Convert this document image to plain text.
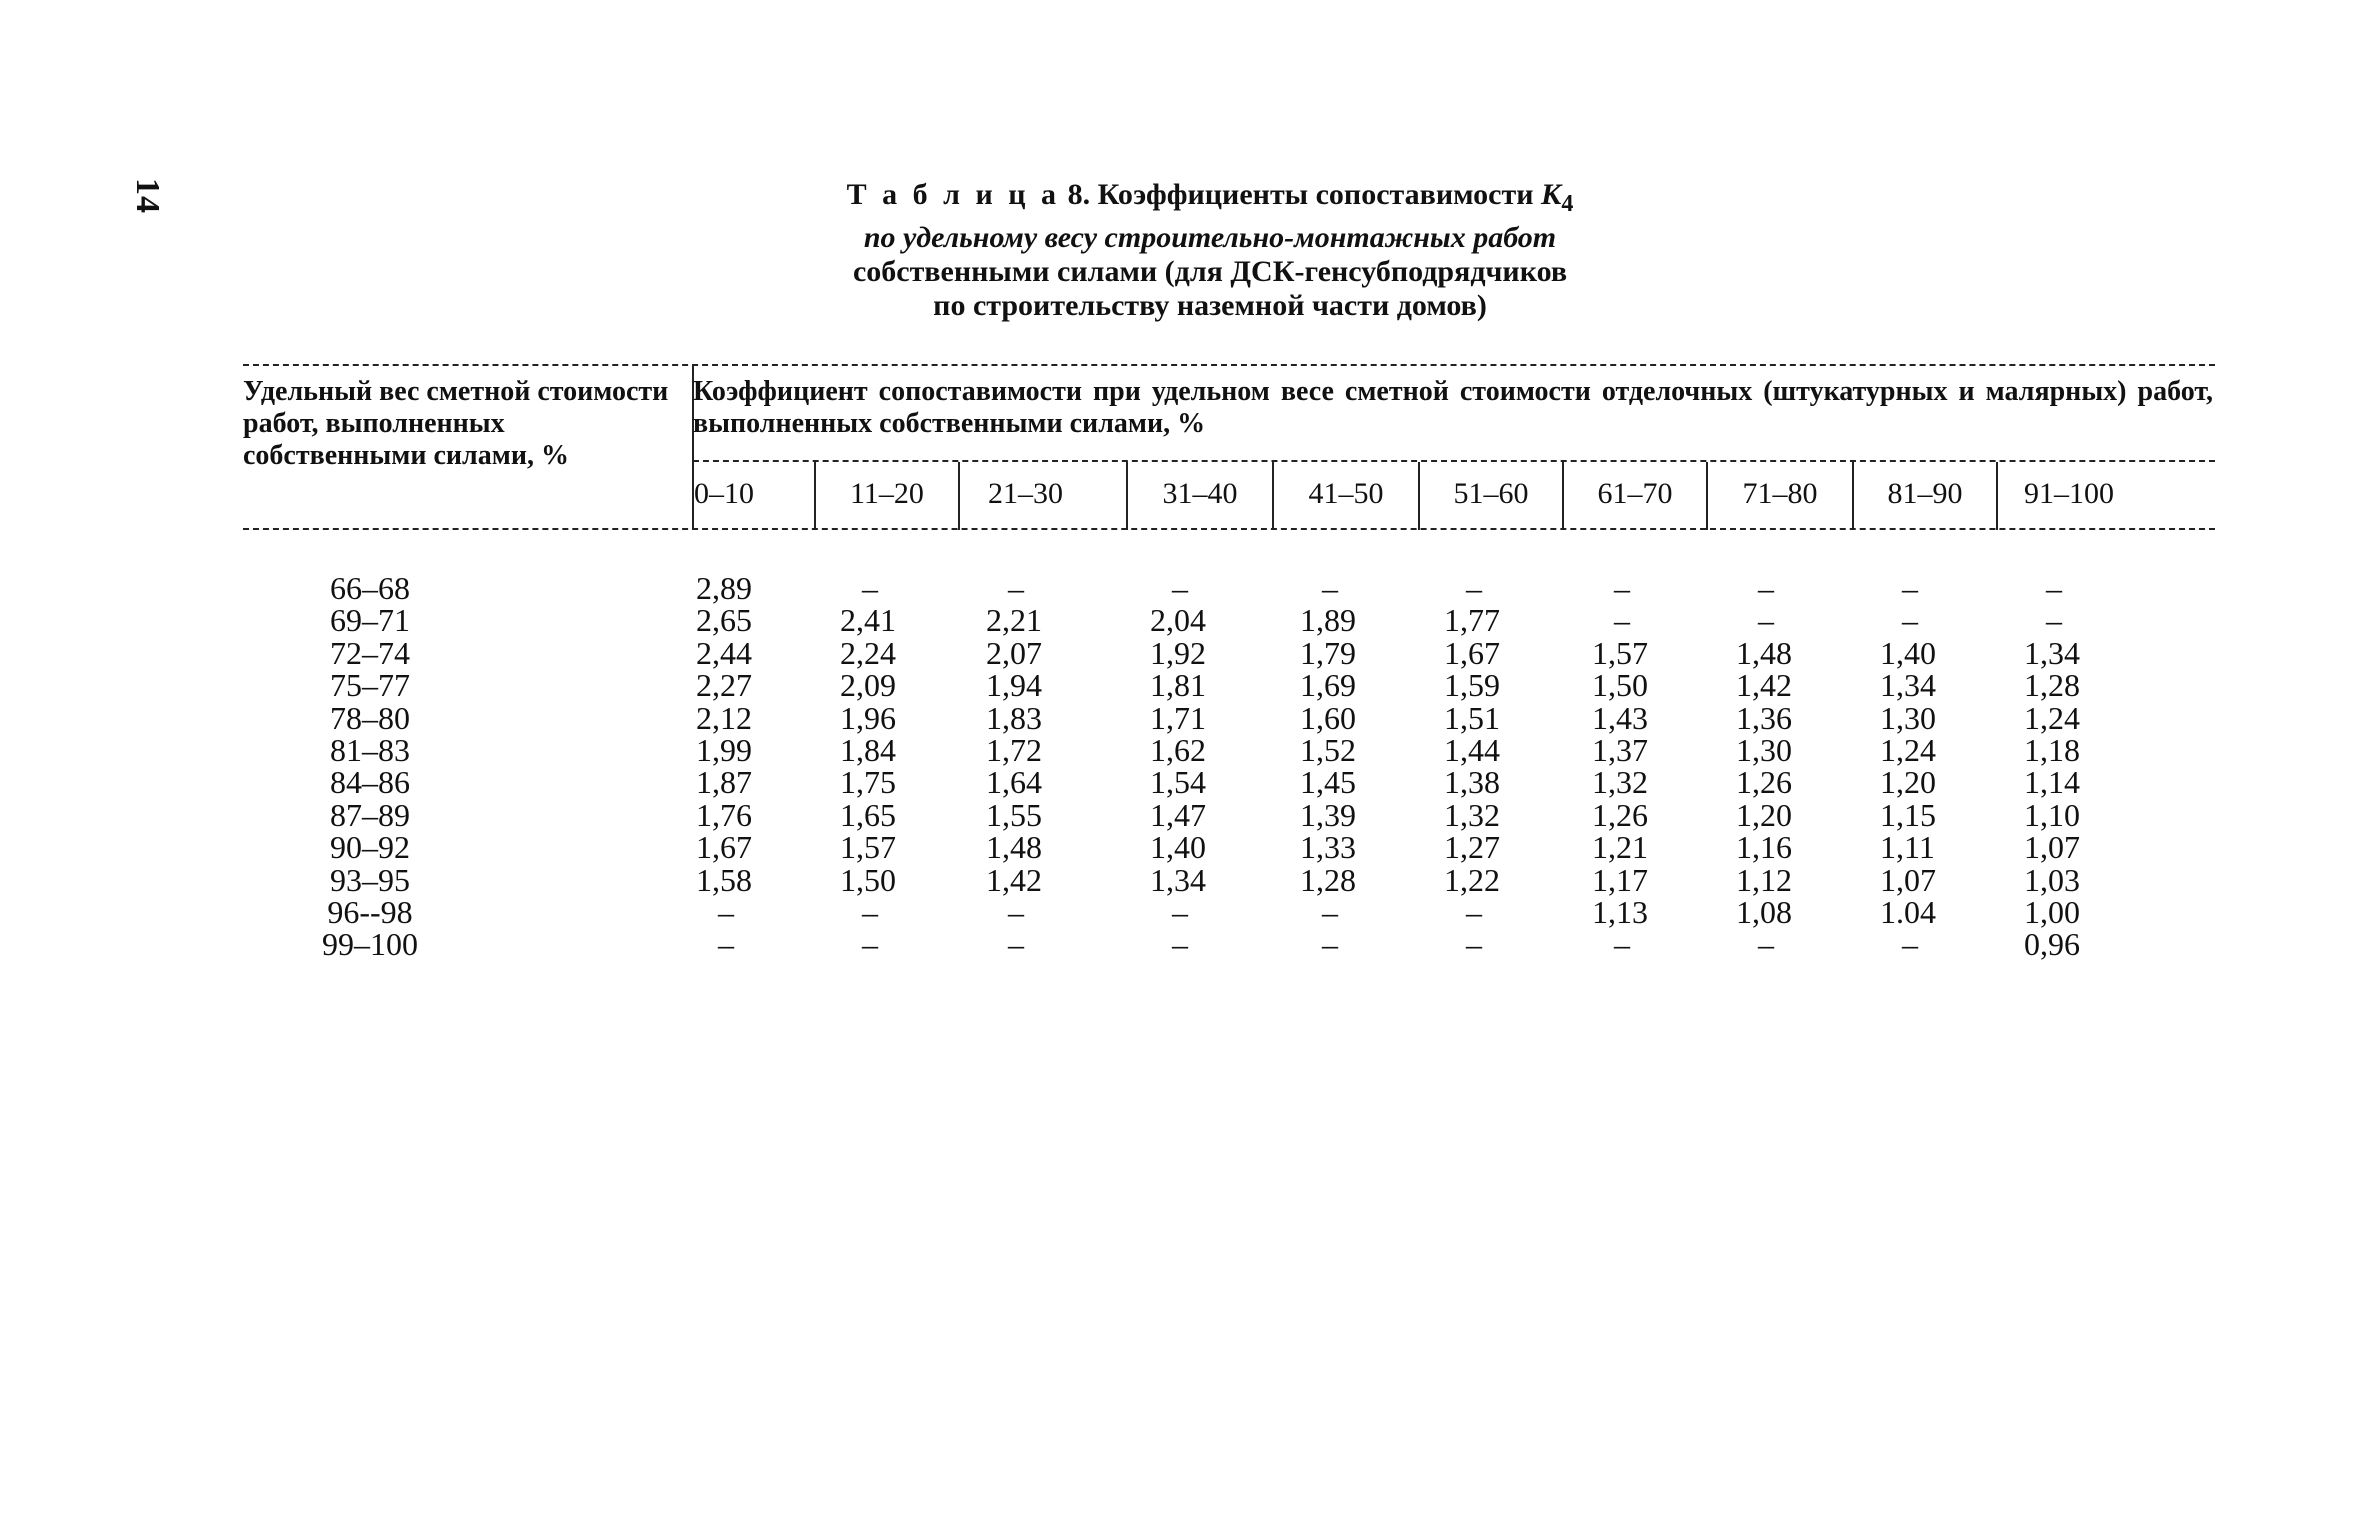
14	Т а б л и ц а 8. Коэффициенты сопоставимости $К_4$
по удельному весу строительно-монтажных работ
собственными силами (для ДСК-генсубподрядчиков
по строительству наземной части домов)
Удельный вес сметной стоимости работ, выполненных собственными силами, %
Коэффициент сопоставимости при удельном весе сметной стоимости отделочных (штукатурных и малярных) работ, выполненных собственными силами, %
0–10	11–20	21–30	31–40	41–50	51–60	61–70	71–80	81–90	91–100
66–68	2,89	–	–	–	–	–	–	–	–	–
69–71	2,65	2,41	2,21	2,04	1,89	1,77	–	–	–	–
72–74	2,44	2,24	2,07	1,92	1,79	1,67	1,57	1,48	1,40	1,34
75–77	2,27	2,09	1,94	1,81	1,69	1,59	1,50	1,42	1,34	1,28
78–80	2,12	1,96	1,83	1,71	1,60	1,51	1,43	1,36	1,30	1,24
81–83	1,99	1,84	1,72	1,62	1,52	1,44	1,37	1,30	1,24	1,18
84–86	1,87	1,75	1,64	1,54	1,45	1,38	1,32	1,26	1,20	1,14
87–89	1,76	1,65	1,55	1,47	1,39	1,32	1,26	1,20	1,15	1,10
90–92	1,67	1,57	1,48	1,40	1,33	1,27	1,21	1,16	1,11	1,07
93–95	1,58	1,50	1,42	1,34	1,28	1,22	1,17	1,12	1,07	1,03
96--98	–	–	–	–	–	–	1,13	1,08	1.04	1,00
99–100	–	–	–	–	–	–	–	–	–	0,96
